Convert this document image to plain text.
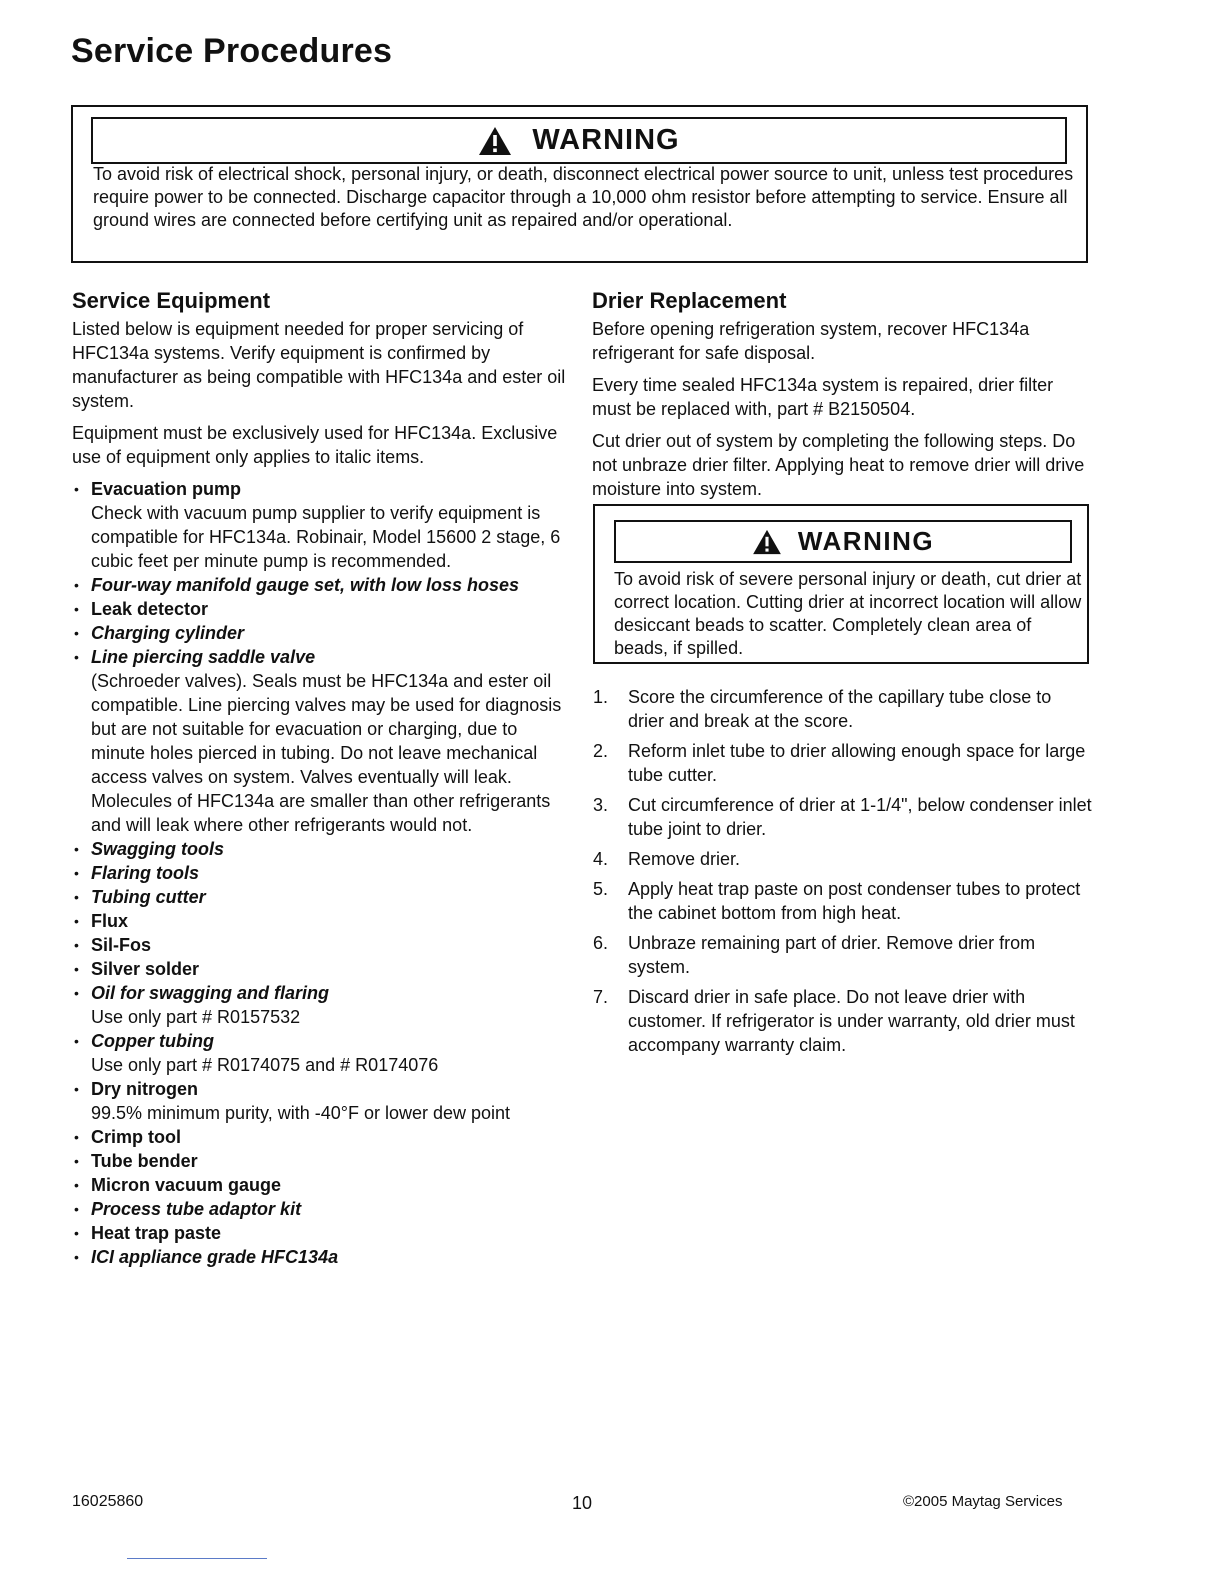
Service Procedures
WARNING
To avoid risk of electrical shock, personal injury, or death, disconnect electrical power source to unit, unless test procedures require power to be connected. Discharge capacitor through a 10,000 ohm resistor before attempting to service. Ensure all ground wires are connected before certifying unit as repaired and/or operational.
Service Equipment

Listed below is equipment needed for proper servicing of HFC134a systems. Verify equipment is confirmed by manufacturer as being compatible with HFC134a and ester oil system.

Equipment must be exclusively used for HFC134a. Exclusive use of equipment only applies to italic items.

• Evacuation pump
Check with vacuum pump supplier to verify equipment is compatible for HFC134a. Robinair, Model 15600 2 stage, 6 cubic feet per minute pump is recommended.
• Four-way manifold gauge set, with low loss hoses
• Leak detector
• Charging cylinder
• Line piercing saddle valve
(Schroeder valves). Seals must be HFC134a and ester oil compatible. Line piercing valves may be used for diagnosis but are not suitable for evacuation or charging, due to minute holes pierced in tubing. Do not leave mechanical access valves on system. Valves eventually will leak. Molecules of HFC134a are smaller than other refrigerants and will leak where other refrigerants would not.
• Swagging tools
• Flaring tools
• Tubing cutter
• Flux
• Sil-Fos
• Silver solder
• Oil for swagging and flaring
Use only part # R0157532
• Copper tubing
Use only part # R0174075 and # R0174076
• Dry nitrogen
99.5% minimum purity, with -40°F or lower dew point
• Crimp tool
• Tube bender
• Micron vacuum gauge
• Process tube adaptor kit
• Heat trap paste
• ICI appliance grade HFC134a
Drier Replacement

Before opening refrigeration system, recover HFC134a refrigerant for safe disposal.

Every time sealed HFC134a system is repaired, drier filter must be replaced with, part # B2150504.

Cut drier out of system by completing the following steps. Do not unbraze drier filter. Applying heat to remove drier will drive moisture into system.

WARNING
To avoid risk of severe personal injury or death, cut drier at correct location. Cutting drier at incorrect location will allow desiccant beads to scatter. Completely clean area of beads, if spilled.
1. Score the circumference of the capillary tube close to drier and break at the score.
2. Reform inlet tube to drier allowing enough space for large tube cutter.
3. Cut circumference of drier at 1-1/4", below condenser inlet tube joint to drier.
4. Remove drier.
5. Apply heat trap paste on post condenser tubes to protect the cabinet bottom from high heat.
6. Unbraze remaining part of drier. Remove drier from system.
7. Discard drier in safe place. Do not leave drier with customer. If refrigerator is under warranty, old drier must accompany warranty claim.
16025860	10	©2005 Maytag Services
